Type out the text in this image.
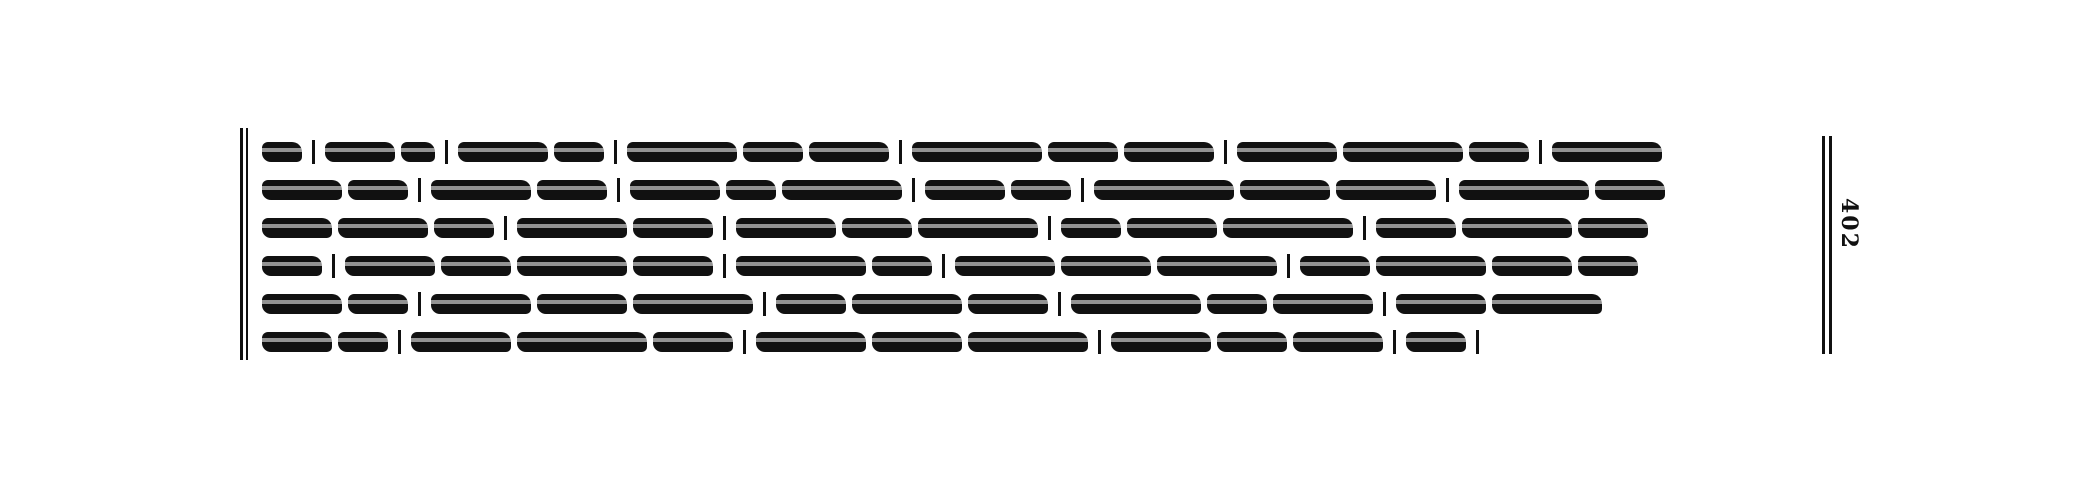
402
